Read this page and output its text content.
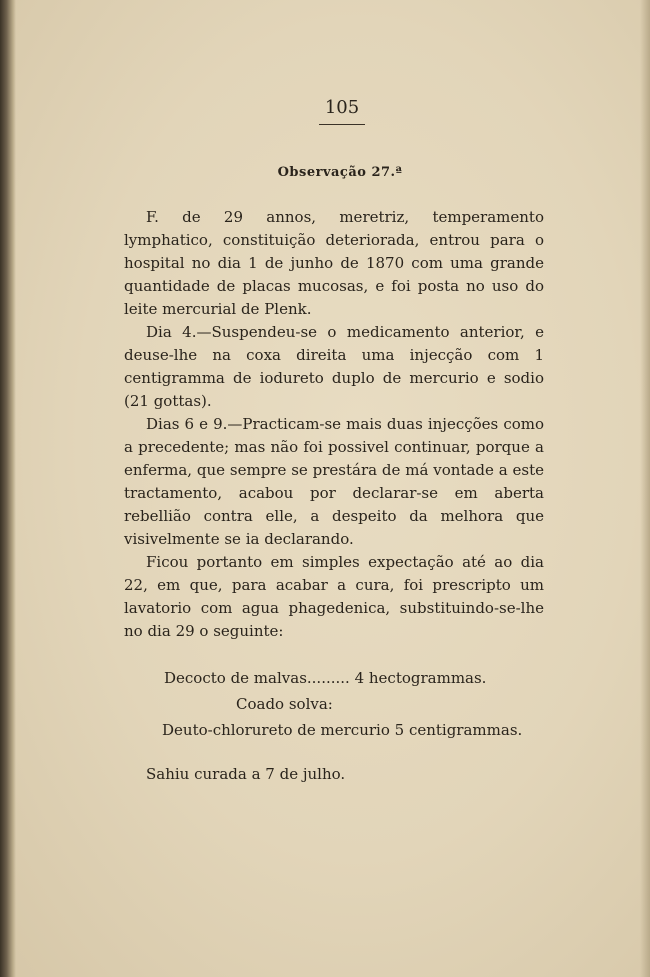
105
Observação 27.ª

F. de 29 annos, meretriz, temperamento lymphatico, constituição deteriorada, entrou para o hospital no dia 1 de junho de 1870 com uma grande quantidade de placas mucosas, e foi posta no uso do leite mercurial de Plenk.

Dia 4.—Suspendeu-se o medicamento anterior, e deuse-lhe na coxa direita uma injecção com 1 centigramma de iodureto duplo de mercurio e sodio (21 gottas).

Dias 6 e 9.—Practicam-se mais duas injecções como a precedente; mas não foi possivel continuar, porque a enferma, que sempre se prestára de má vontade a este tractamento, acabou por declarar-se em aberta rebellião contra elle, a despeito da melhora que visivelmente se ia declarando.

Ficou portanto em simples expectação até ao dia 22, em que, para acabar a cura, foi prescripto um lavatorio com agua phagedenica, substituindo-se-lhe no dia 29 o seguinte:

Decocto de malvas......... 4 hectogrammas.
Coado solva:
Deuto-chlorureto de mercurio 5 centigrammas.
Sahiu curada a 7 de julho.
